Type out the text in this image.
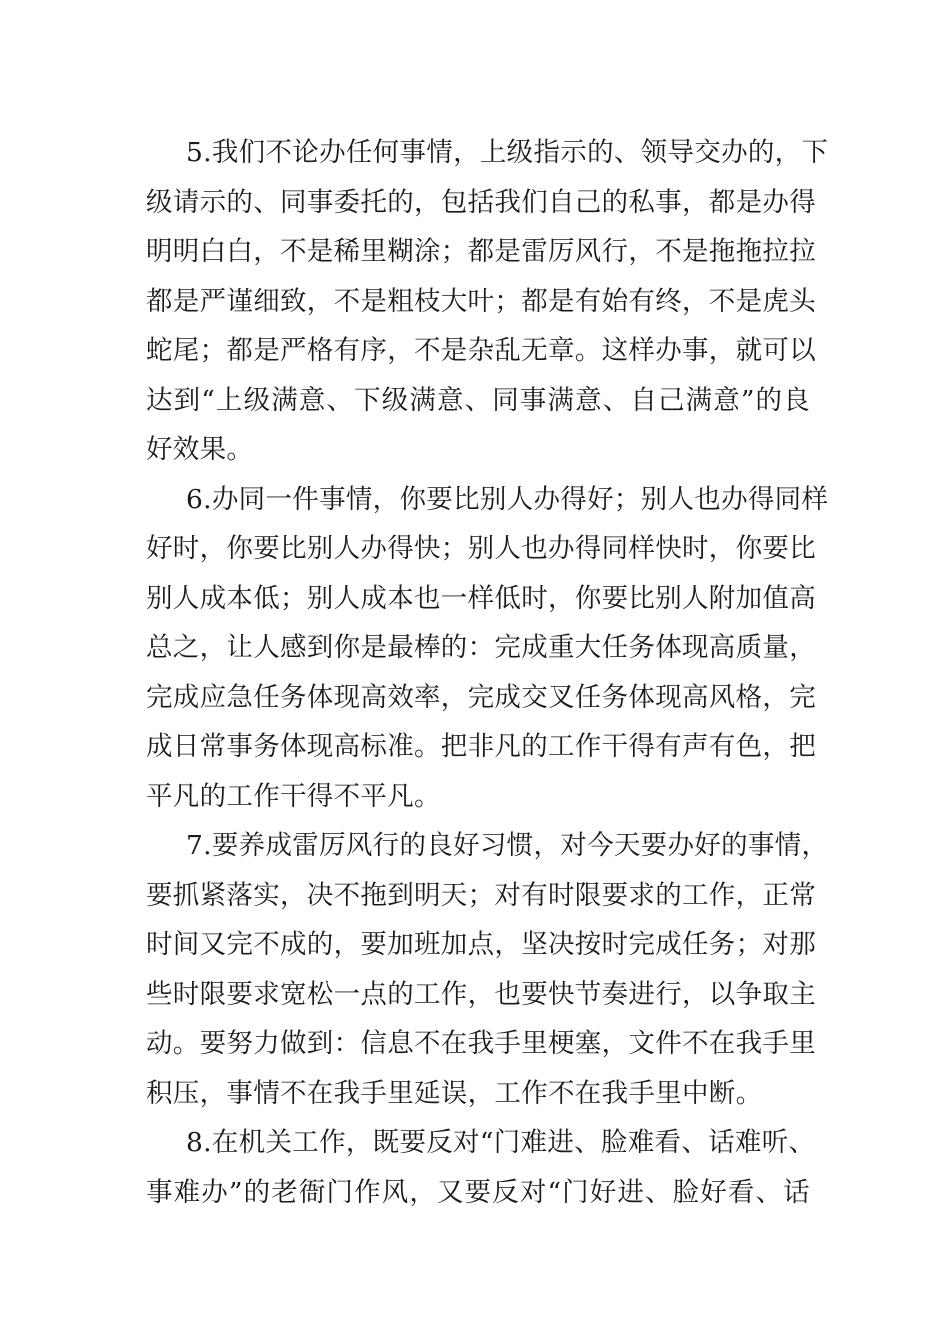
5.我们不论办任何事情，上级指示的、领导交办的，下
级请示的、同事委托的，包括我们自己的私事，都是办得
明明白白，不是稀里糊涂；都是雷厉风行，不是拖拖拉拉
都是严谨细致，不是粗枝大叶；都是有始有终，不是虎头
蛇尾；都是严格有序，不是杂乱无章。这样办事，就可以
达到“上级满意、下级满意、同事满意、自己满意”的良
好效果。
6.办同一件事情，你要比别人办得好；别人也办得同样
好时，你要比别人办得快；别人也办得同样快时，你要比
别人成本低；别人成本也一样低时，你要比别人附加值高
总之，让人感到你是最棒的：完成重大任务体现高质量，
完成应急任务体现高效率，完成交叉任务体现高风格，完
成日常事务体现高标准。把非凡的工作干得有声有色，把
平凡的工作干得不平凡。
7.要养成雷厉风行的良好习惯，对今天要办好的事情，
要抓紧落实，决不拖到明天；对有时限要求的工作，正常
时间又完不成的，要加班加点，坚决按时完成任务；对那
些时限要求宽松一点的工作，也要快节奏进行，以争取主
动。要努力做到：信息不在我手里梗塞，文件不在我手里
积压，事情不在我手里延误，工作不在我手里中断。
8.在机关工作，既要反对“门难进、脸难看、话难听、
事难办”的老衙门作风，又要反对“门好进、脸好看、话
